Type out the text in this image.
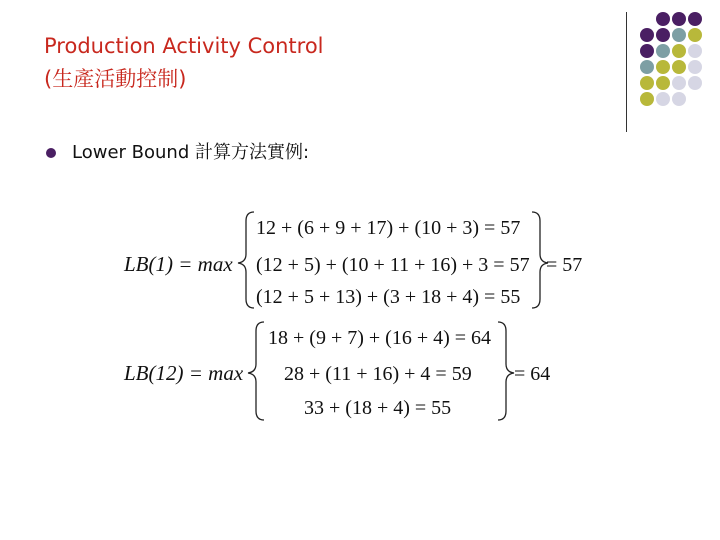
Production Activity Control
(生產活動控制)
Lower Bound 計算方法實例:
LB(1) = max
12 + (6 + 9 + 17) + (10 + 3) = 57
(12 + 5) + (10 + 11 + 16) + 3 = 57
(12 + 5 + 13) + (3 + 18 + 4) = 55
= 57
LB(12) = max
18 + (9 + 7) + (16 + 4) = 64
28 + (11 + 16) + 4 = 59
33 + (18 + 4) = 55
= 64
